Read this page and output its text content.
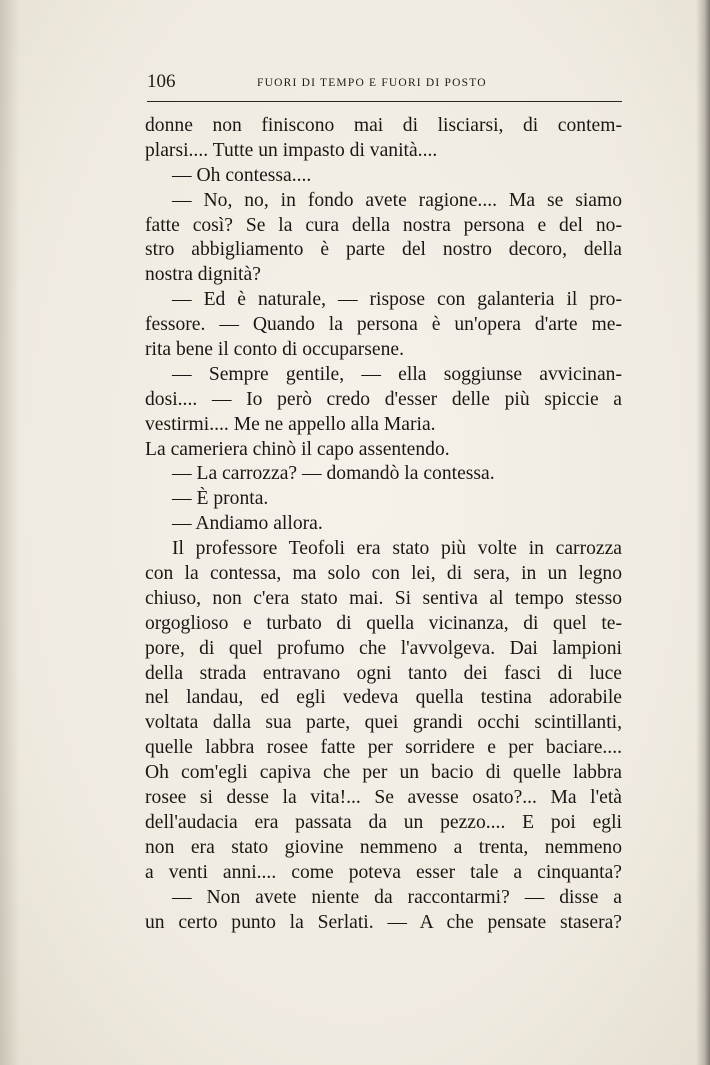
106	FUORI DI TEMPO E FUORI DI POSTO
donne non finiscono mai di lisciarsi, di contem-
plarsi.... Tutte un impasto di vanità....
— Oh contessa....
— No, no, in fondo avete ragione.... Ma se siamo
fatte così? Se la cura della nostra persona e del no-
stro abbigliamento è parte del nostro decoro, della
nostra dignità?
— Ed è naturale, — rispose con galanteria il pro-
fessore. — Quando la persona è un'opera d'arte me-
rita bene il conto di occuparsene.
— Sempre gentile, — ella soggiunse avvicinan-
dosi.... — Io però credo d'esser delle più spiccie a
vestirmi.... Me ne appello alla Maria.
La cameriera chinò il capo assentendo.
— La carrozza? — domandò la contessa.
— È pronta.
— Andiamo allora.
Il professore Teofoli era stato più volte in carrozza
con la contessa, ma solo con lei, di sera, in un legno
chiuso, non c'era stato mai. Si sentiva al tempo stesso
orgoglioso e turbato di quella vicinanza, di quel te-
pore, di quel profumo che l'avvolgeva. Dai lampioni
della strada entravano ogni tanto dei fasci di luce
nel landau, ed egli vedeva quella testina adorabile
voltata dalla sua parte, quei grandi occhi scintillanti,
quelle labbra rosee fatte per sorridere e per baciare....
Oh com'egli capiva che per un bacio di quelle labbra
rosee si desse la vita!... Se avesse osato?... Ma l'età
dell'audacia era passata da un pezzo.... E poi egli
non era stato giovine nemmeno a trenta, nemmeno
a venti anni.... come poteva esser tale a cinquanta?
— Non avete niente da raccontarmi? — disse a
un certo punto la Serlati. — A che pensate stasera?
